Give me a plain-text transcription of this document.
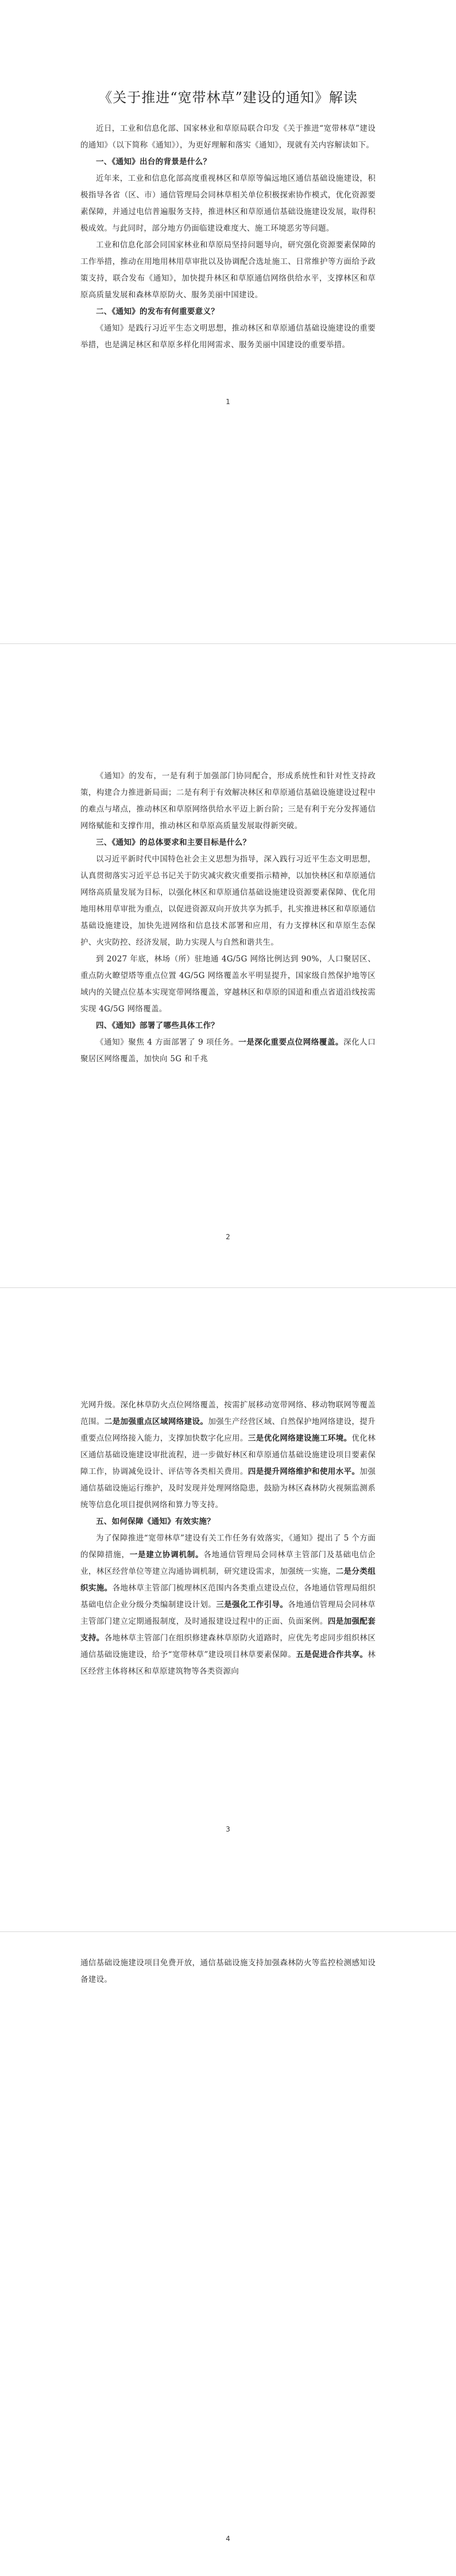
《关于推进“宽带林草”建设的通知》解读

近日，工业和信息化部、国家林业和草原局联合印发《关于推进“宽带林草”建设的通知》（以下简称《通知》），为更好理解和落实《通知》，现就有关内容解读如下。

一、《通知》出台的背景是什么？

近年来，工业和信息化部高度重视林区和草原等偏远地区通信基础设施建设，积极指导各省（区、市）通信管理局会同林草相关单位积极探索协作模式，优化资源要素保障，并通过电信普遍服务支持，推进林区和草原通信基础设施建设发展，取得积极成效。与此同时，部分地方仍面临建设难度大、施工环境恶劣等问题。

工业和信息化部会同国家林业和草原局坚持问题导向，研究强化资源要素保障的工作举措，推动在用地用林用草审批以及协调配合选址施工、日常维护等方面给予政策支持，联合发布《通知》，加快提升林区和草原通信网络供给水平，支撑林区和草原高质量发展和森林草原防火、服务美丽中国建设。

二、《通知》的发布有何重要意义？

《通知》是践行习近平生态文明思想，推动林区和草原通信基础设施建设的重要举措，也是满足林区和草原多样化用网需求、服务美丽中国建设的重要举措。

1

《通知》的发布，一是有利于加强部门协同配合，形成系统性和针对性支持政策，构建合力推进新局面；二是有利于有效解决林区和草原通信基础设施建设过程中的难点与堵点，推动林区和草原网络供给水平迈上新台阶；三是有利于充分发挥通信网络赋能和支撑作用，推动林区和草原高质量发展取得新突破。

三、《通知》的总体要求和主要目标是什么？

以习近平新时代中国特色社会主义思想为指导，深入践行习近平生态文明思想，认真贯彻落实习近平总书记关于防灾减灾救灾重要指示精神，以加快林区和草原通信网络高质量发展为目标，以强化林区和草原通信基础设施建设资源要素保障、优化用地用林用草审批为重点，以促进资源双向开放共享为抓手，扎实推进林区和草原通信基础设施建设，加快先进网络和信息技术部署和应用，有力支撑林区和草原生态保护、火灾防控、经济发展，助力实现人与自然和谐共生。

到 2027 年底，林场（所）驻地通 4G/5G 网络比例达到 90%，人口聚居区、重点防火瞭望塔等重点位置 4G/5G 网络覆盖水平明显提升，国家级自然保护地等区域内的关键点位基本实现宽带网络覆盖，穿越林区和草原的国道和重点省道沿线按需实现 4G/5G 网络覆盖。

四、《通知》部署了哪些具体工作？

《通知》聚焦 4 方面部署了 9 项任务。一是深化重要点位网络覆盖。深化人口聚居区网络覆盖，加快向 5G 和千兆

2

光网升级。深化林草防火点位网络覆盖，按需扩展移动宽带网络、移动物联网等覆盖范围。二是加强重点区域网络建设。加强生产经营区域、自然保护地网络建设，提升重要点位网络接入能力，支撑加快数字化应用。三是优化网络建设施工环境。优化林区通信基础设施建设审批流程，进一步做好林区和草原通信基础设施建设项目要素保障工作，协调减免设计、评估等各类相关费用。四是提升网络维护和使用水平。加强通信基础设施运行维护，及时发现并处理网络隐患，鼓励为林区森林防火视频监测系统等信息化项目提供网络和算力等支持。

五、如何保障《通知》有效实施？

为了保障推进“宽带林草”建设有关工作任务有效落实，《通知》提出了 5 个方面的保障措施，一是建立协调机制。各地通信管理局会同林草主管部门及基础电信企业，林区经营单位等建立沟通协调机制，研究建设需求，加强统一实施，二是分类组织实施。各地林草主管部门梳理林区范围内各类重点建设点位，各地通信管理局组织基础电信企业分级分类编制建设计划。三是强化工作引导。各地通信管理局会同林草主管部门建立定期通报制度，及时通报建设过程中的正面、负面案例。四是加强配套支持。各地林草主管部门在组织修建森林草原防火道路时，应优先考虑同步组织林区通信基础设施建设，给予“宽带林草”建设项目林草要素保障。五是促进合作共享。林区经营主体将林区和草原建筑物等各类资源向

3

通信基础设施建设项目免费开放，通信基础设施支持加强森林防火等监控检测感知设备建设。

4
